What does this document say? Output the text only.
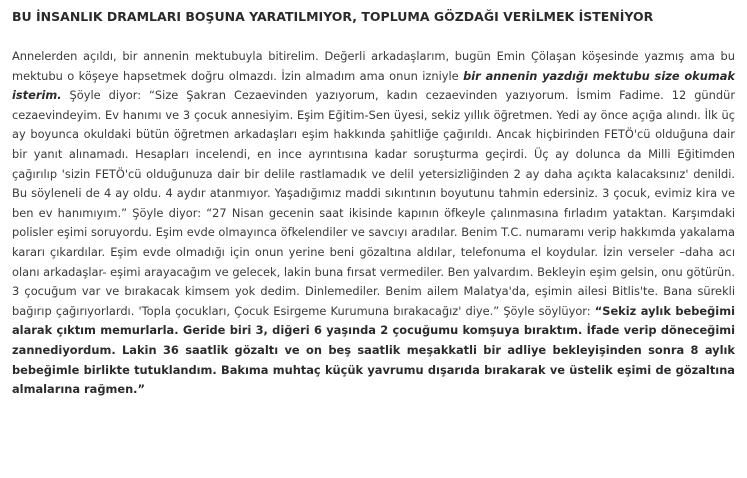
BU İNSANLIK DRAMLARI BOŞUNA YARATILMIYOR, TOPLUMA GÖZDAĞI VERİLMEK İSTENİYOR

Annelerden açıldı, bir annenin mektubuyla bitirelim. Değerli arkadaşlarım, bugün Emin Çölaşan köşesinde yazmış ama bu mektubu o köşeye hapsetmek doğru olmazdı. İzin almadım ama onun izniyle bir annenin yazdığı mektubu size okumak isterim. Şöyle diyor: “Size Şakran Cezaevinden yazıyorum, kadın cezaevinden yazıyorum. İsmim Fadime. 12 gündür cezaevindeyim. Ev hanımı ve 3 çocuk annesiyim. Eşim Eğitim-Sen üyesi, sekiz yıllık öğretmen. Yedi ay önce açığa alındı. İlk üç ay boyunca okuldaki bütün öğretmen arkadaşları eşim hakkında şahitliğe çağırıldı. Ancak hiçbirinden FETÖ'cü olduğuna dair bir yanıt alınamadı. Hesapları incelendi, en ince ayrıntısına kadar soruşturma geçirdi. Üç ay dolunca da Milli Eğitimden çağırılıp 'sizin FETÖ'cü olduğunuza dair bir delile rastlamadık ve delil yetersizliğinden 2 ay daha açıkta kalacaksınız' denildi. Bu söyleneli de 4 ay oldu. 4 aydır atanmıyor. Yaşadığımız maddi sıkıntının boyutunu tahmin edersiniz. 3 çocuk, evimiz kira ve ben ev hanımıyım.” Şöyle diyor: “27 Nisan gecenin saat ikisinde kapının öfkeyle çalınmasına fırladım yataktan. Karşımdaki polisler eşimi soruyordu. Eşim evde olmayınca öfkelendiler ve savcıyı aradılar. Benim T.C. numaramı verip hakkımda yakalama kararı çıkardılar. Eşim evde olmadığı için onun yerine beni gözaltına aldılar, telefonuma el koydular. İzin verseler –daha acı olanı arkadaşlar- eşimi arayacağım ve gelecek, lakin buna fırsat vermediler. Ben yalvardım. Bekleyin eşim gelsin, onu götürün. 3 çocuğum var ve bırakacak kimsem yok dedim. Dinlemediler. Benim ailem Malatya'da, eşimin ailesi Bitlis'te. Bana sürekli bağırıp çağırıyorlardı. 'Topla çocukları, Çocuk Esirgeme Kurumuna bırakacağız' diye.” Şöyle söylüyor: “Sekiz aylık bebeğimi alarak çıktım memurlarla. Geride biri 3, diğeri 6 yaşında 2 çocuğumu komşuya bıraktım. İfade verip döneceğimi zannediyordum. Lakin 36 saatlik gözaltı ve on beş saatlik meşakkatli bir adliye bekleyişinden sonra 8 aylık bebeğimle birlikte tutuklandım. Bakıma muhtaç küçük yavrumu dışarıda bırakarak ve üstelik eşimi de gözaltına almalarına rağmen.”
